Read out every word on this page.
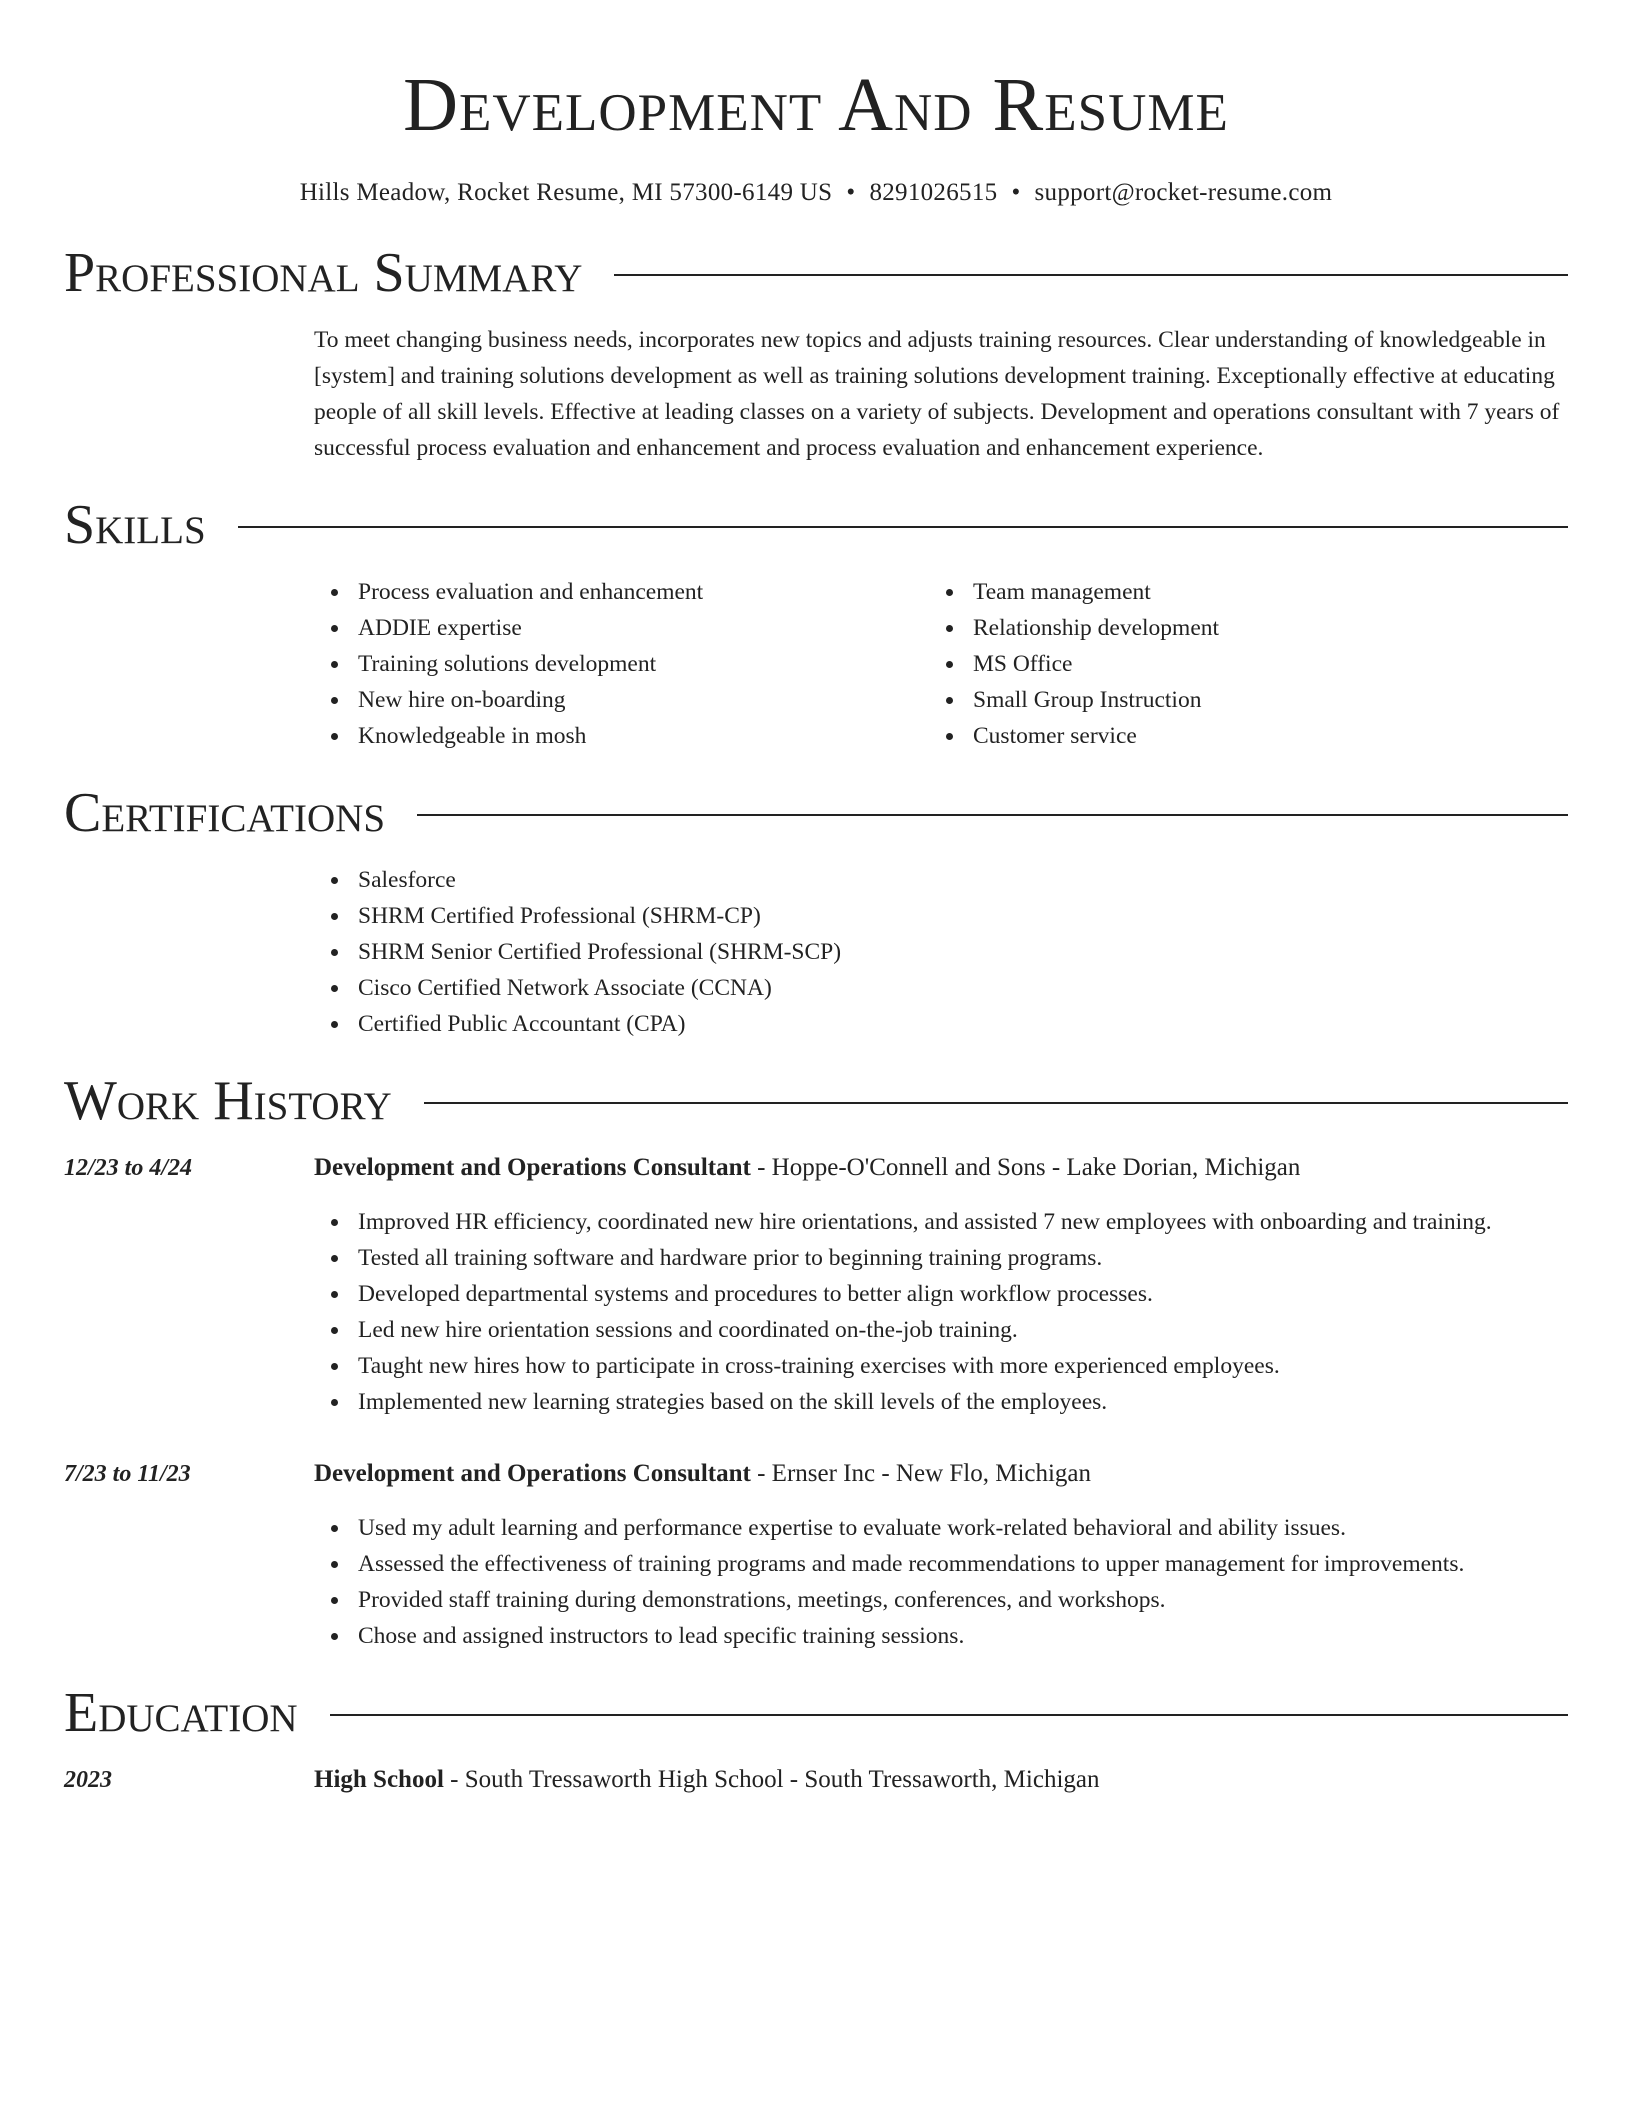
Development And Resume
Hills Meadow, Rocket Resume, MI 57300-6149 US • 8291026515 • support@rocket-resume.com
Professional Summary

To meet changing business needs, incorporates new topics and adjusts training resources. Clear understanding of knowledgeable in [system] and training solutions development as well as training solutions development training. Exceptionally effective at educating people of all skill levels. Effective at leading classes on a variety of subjects. Development and operations consultant with 7 years of successful process evaluation and enhancement and process evaluation and enhancement experience.

Skills
Process evaluation and enhancement
ADDIE expertise
Training solutions development
New hire on-boarding
Knowledgeable in mosh
Team management
Relationship development
MS Office
Small Group Instruction
Customer service
Certifications
Salesforce
SHRM Certified Professional (SHRM-CP)
SHRM Senior Certified Professional (SHRM-SCP)
Cisco Certified Network Associate (CCNA)
Certified Public Accountant (CPA)
Work History
12/23 to 4/24	Development and Operations Consultant - Hoppe-O'Connell and Sons - Lake Dorian, Michigan
Improved HR efficiency, coordinated new hire orientations, and assisted 7 new employees with onboarding and training.
Tested all training software and hardware prior to beginning training programs.
Developed departmental systems and procedures to better align workflow processes.
Led new hire orientation sessions and coordinated on-the-job training.
Taught new hires how to participate in cross-training exercises with more experienced employees.
Implemented new learning strategies based on the skill levels of the employees.
7/23 to 11/23	Development and Operations Consultant - Ernser Inc - New Flo, Michigan
Used my adult learning and performance expertise to evaluate work-related behavioral and ability issues.
Assessed the effectiveness of training programs and made recommendations to upper management for improvements.
Provided staff training during demonstrations, meetings, conferences, and workshops.
Chose and assigned instructors to lead specific training sessions.
Education
2023	High School - South Tressaworth High School - South Tressaworth, Michigan
